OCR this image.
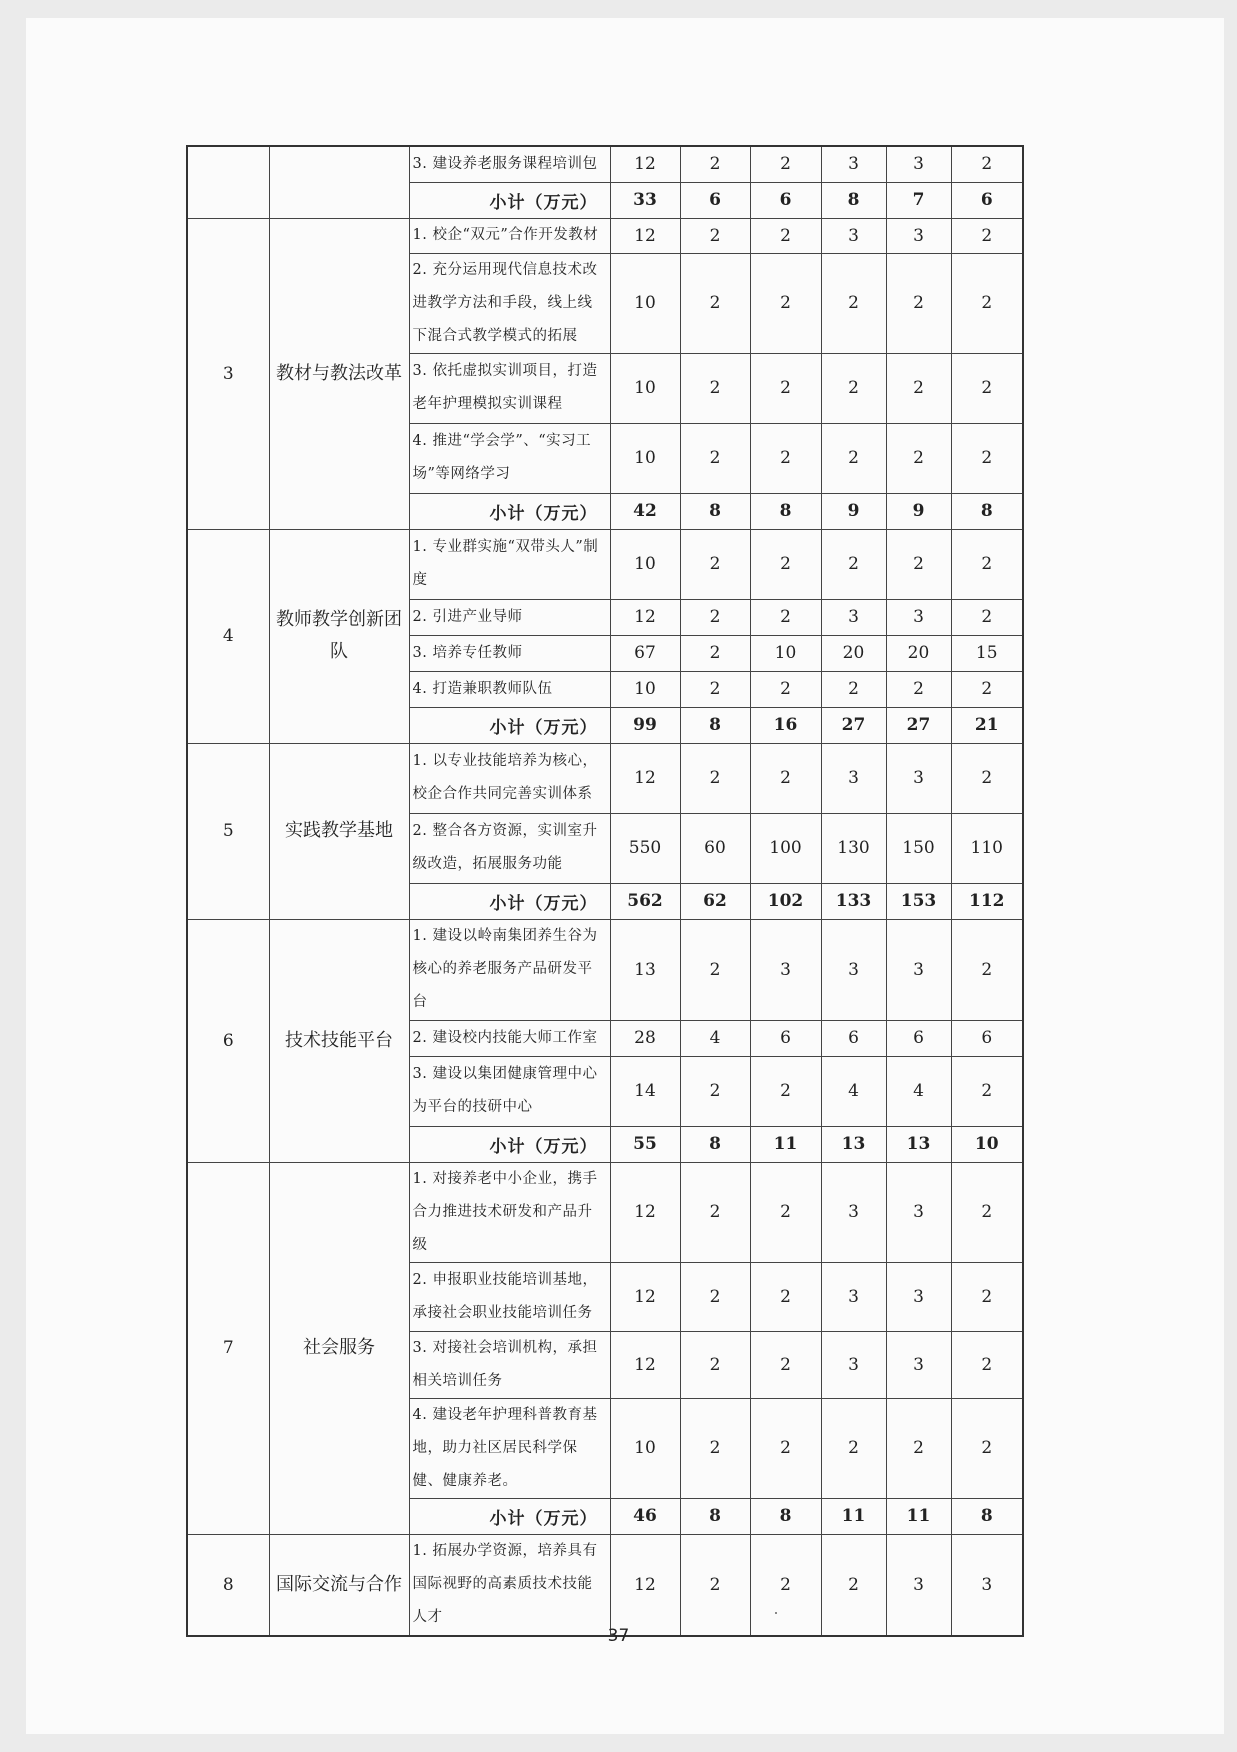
		3. 建设养老服务课程培训包	12	2	2	3	3	2
		小计（万元）	33	6	6	8	7	6
3	教材与教法改革	1. 校企“双元”合作开发教材	12	2	2	3	3	2
		2. 充分运用现代信息技术改进教学方法和手段，线上线下混合式教学模式的拓展	10	2	2	2	2	2
		3. 依托虚拟实训项目，打造老年护理模拟实训课程	10	2	2	2	2	2
		4. 推进“学会学”、“实习工场”等网络学习	10	2	2	2	2	2
		小计（万元）	42	8	8	9	9	8
4	教师教学创新团队	1. 专业群实施“双带头人”制度	10	2	2	2	2	2
		2. 引进产业导师	12	2	2	3	3	2
		3. 培养专任教师	67	2	10	20	20	15
		4. 打造兼职教师队伍	10	2	2	2	2	2
		小计（万元）	99	8	16	27	27	21
5	实践教学基地	1. 以专业技能培养为核心，校企合作共同完善实训体系	12	2	2	3	3	2
		2. 整合各方资源，实训室升级改造，拓展服务功能	550	60	100	130	150	110
		小计（万元）	562	62	102	133	153	112
6	技术技能平台	1. 建设以岭南集团养生谷为核心的养老服务产品研发平台	13	2	3	3	3	2
		2. 建设校内技能大师工作室	28	4	6	6	6	6
		3. 建设以集团健康管理中心为平台的技研中心	14	2	2	4	4	2
		小计（万元）	55	8	11	13	13	10
7	社会服务	1. 对接养老中小企业，携手合力推进技术研发和产品升级	12	2	2	3	3	2
		2. 申报职业技能培训基地，承接社会职业技能培训任务	12	2	2	3	3	2
		3. 对接社会培训机构，承担相关培训任务	12	2	2	3	3	2
		4. 建设老年护理科普教育基地，助力社区居民科学保健、健康养老。	10	2	2	2	2	2
		小计（万元）	46	8	8	11	11	8
8	国际交流与合作	1. 拓展办学资源，培养具有国际视野的高素质技术技能人才	12	2	2	2	3	3
37
